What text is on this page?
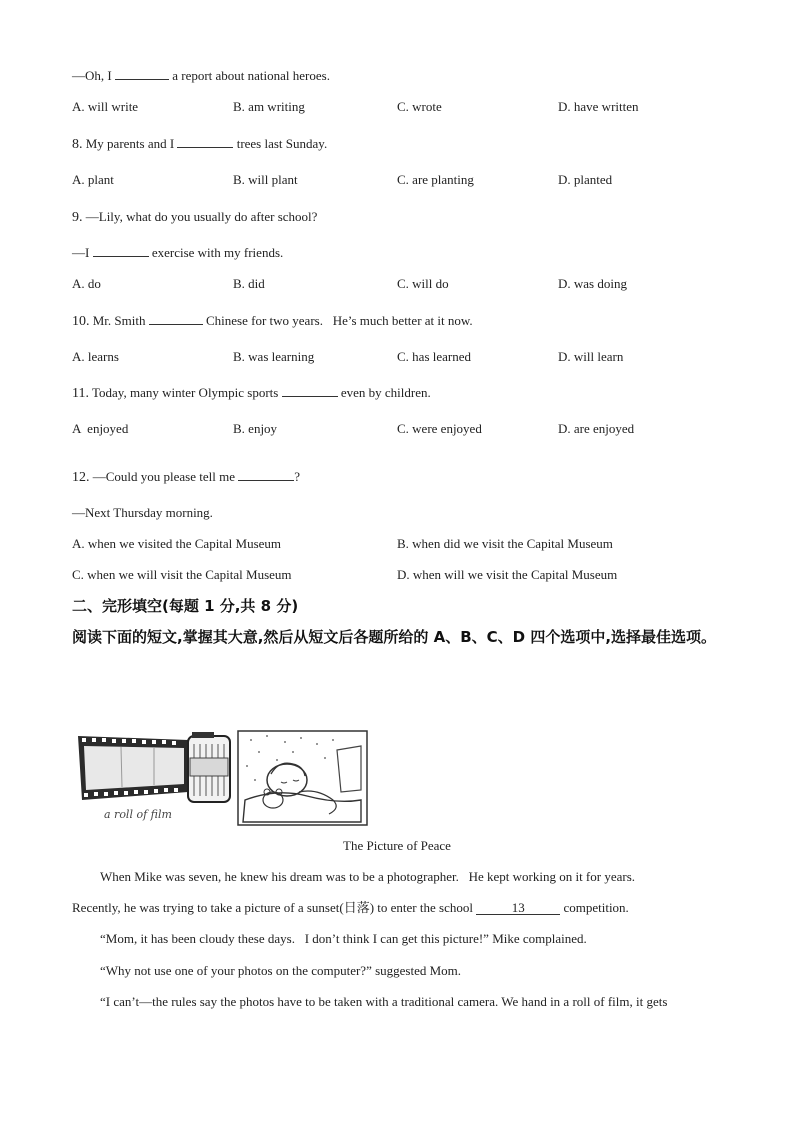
—Oh, I	a report about national heroes.
A. will write	B. am writing	C. wrote	D. have written
8. My parents and I	trees last Sunday.
A. plant	B. will plant	C. are planting	D. planted
9. —Lily, what do you usually do after school?
—I	exercise with my friends.
A. do	B. did	C. will do	D. was doing
10. Mr. Smith	Chinese for two years.   He’s much better at it now.
A. learns	B. was learning	C. has learned	D. will learn
11. Today, many winter Olympic sports	even by children.
A  enjoyed	B. enjoy	C. were enjoyed	D. are enjoyed
12. —Could you please tell me	?
—Next Thursday morning.
A. when we visited the Capital Museum	B. when did we visit the Capital Museum
C. when we will visit the Capital Museum	D. when will we visit the Capital Museum
二、完形填空(每题 1 分,共 8 分)
阅读下面的短文,掌握其大意,然后从短文后各题所给的 A、B、C、D 四个选项中,选择最佳选项。
a roll of film
The Picture of Peace
When Mike was seven, he knew his dream was to be a photographer.   He kept working on it for years.
Recently, he was trying to take a picture of a sunset(日落) to enter the school	13	competition.
“Mom, it has been cloudy these days.   I don’t think I can get this picture!” Mike complained.
“Why not use one of your photos on the computer?” suggested Mom.
“I can’t—the rules say the photos have to be taken with a traditional camera. We hand in a roll of film, it gets
